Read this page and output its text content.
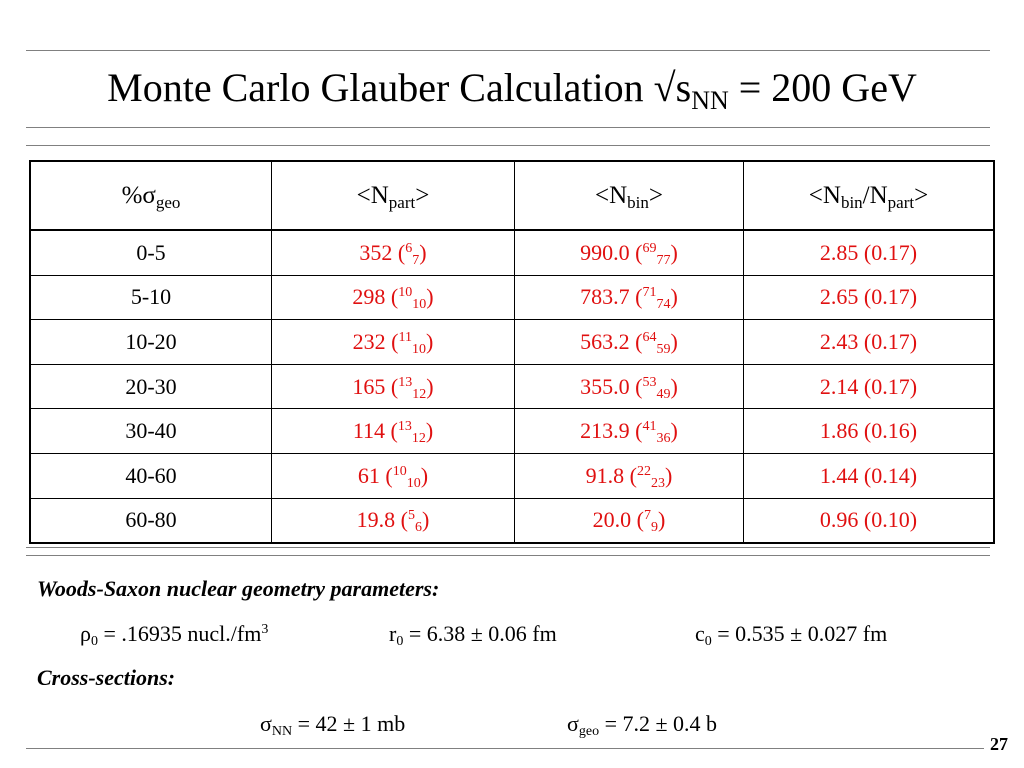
Monte Carlo Glauber Calculation $√s_{NN} = 200$ GeV
$\%\sigma_{geo}$	$<N_{part}>$	$<N_{bin}>$	$<N_{bin}/N_{part}>$
0-5	352 ($^6_7$)	990.0 ($^{69}_{77}$)	2.85 (0.17)
5-10	298 ($^{10}_{10}$)	783.7 ($^{71}_{74}$)	2.65 (0.17)
10-20	232 ($^{11}_{10}$)	563.2 ($^{64}_{59}$)	2.43 (0.17)
20-30	165 ($^{13}_{12}$)	355.0 ($^{53}_{49}$)	2.14 (0.17)
30-40	114 ($^{13}_{12}$)	213.9 ($^{41}_{36}$)	1.86 (0.16)
40-60	61 ($^{10}_{10}$)	91.8 ($^{22}_{23}$)	1.44 (0.14)
60-80	19.8 ($^5_6$)	20.0 ($^7_9$)	0.96 (0.10)
Woods-Saxon nuclear geometry parameters:
$\rho_0 = .16935$ $nucl./fm^3$	$r_0 = 6.38 \pm 0.06$ fm	$c_0 = 0.535 \pm 0.027$ fm
Cross-sections:
$\sigma_{NN} = 42 \pm 1$ mb	$\sigma_{geo} = 7.2 \pm 0.4$ b
27
